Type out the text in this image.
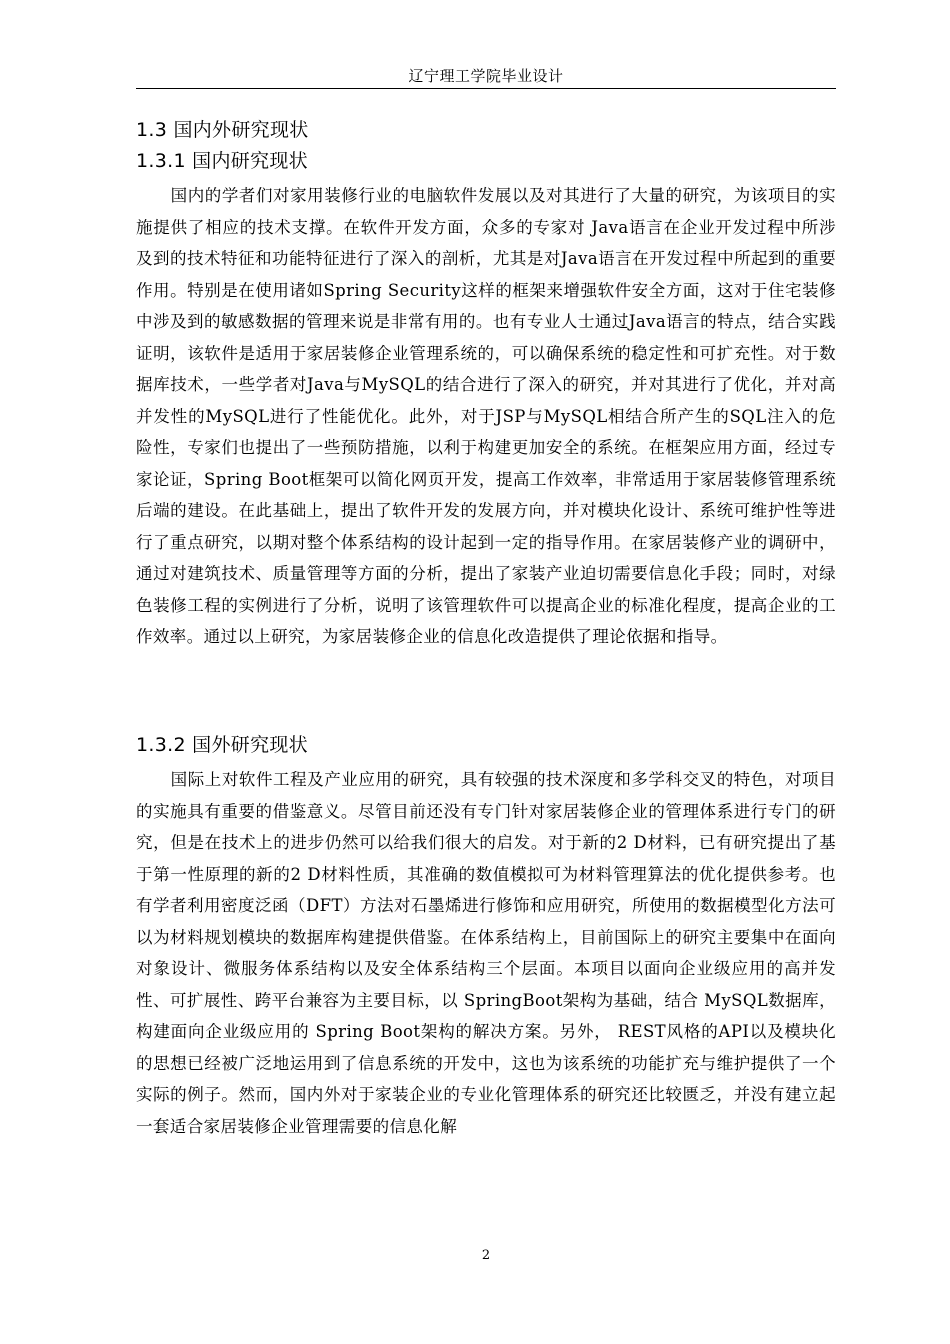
辽宁理工学院毕业设计
1.3 国内外研究现状
1.3.1 国内研究现状

国内的学者们对家用装修行业的电脑软件发展以及对其进行了大量的研究，为该项目的实施提供了相应的技术支撑。在软件开发方面，众多的专家对 Java语言在企业开发过程中所涉及到的技术特征和功能特征进行了深入的剖析，尤其是对Java语言在开发过程中所起到的重要作用。特别是在使用诸如Spring Security这样的框架来增强软件安全方面，这对于住宅装修中涉及到的敏感数据的管理来说是非常有用的。也有专业人士通过Java语言的特点，结合实践证明，该软件是适用于家居装修企业管理系统的，可以确保系统的稳定性和可扩充性。对于数据库技术，一些学者对Java与MySQL的结合进行了深入的研究，并对其进行了优化，并对高并发性的MySQL进行了性能优化。此外，对于JSP与MySQL相结合所产生的SQL注入的危险性，专家们也提出了一些预防措施，以利于构建更加安全的系统。在框架应用方面，经过专家论证，Spring Boot框架可以简化网页开发，提高工作效率，非常适用于家居装修管理系统后端的建设。在此基础上，提出了软件开发的发展方向，并对模块化设计、系统可维护性等进行了重点研究，以期对整个体系结构的设计起到一定的指导作用。在家居装修产业的调研中，通过对建筑技术、质量管理等方面的分析，提出了家装产业迫切需要信息化手段；同时，对绿色装修工程的实例进行了分析，说明了该管理软件可以提高企业的标准化程度，提高企业的工作效率。通过以上研究，为家居装修企业的信息化改造提供了理论依据和指导。

1.3.2 国外研究现状

国际上对软件工程及产业应用的研究，具有较强的技术深度和多学科交叉的特色，对项目的实施具有重要的借鉴意义。尽管目前还没有专门针对家居装修企业的管理体系进行专门的研究，但是在技术上的进步仍然可以给我们很大的启发。对于新的2 D材料，已有研究提出了基于第一性原理的新的2 D材料性质，其准确的数值模拟可为材料管理算法的优化提供参考。也有学者利用密度泛函（DFT）方法对石墨烯进行修饰和应用研究，所使用的数据模型化方法可以为材料规划模块的数据库构建提供借鉴。在体系结构上，目前国际上的研究主要集中在面向对象设计、微服务体系结构以及安全体系结构三个层面。本项目以面向企业级应用的高并发性、可扩展性、跨平台兼容为主要目标，以 SpringBoot架构为基础，结合 MySQL数据库，构建面向企业级应用的 Spring Boot架构的解决方案。另外， REST风格的API以及模块化的思想已经被广泛地运用到了信息系统的开发中，这也为该系统的功能扩充与维护提供了一个实际的例子。然而，国内外对于家装企业的专业化管理体系的研究还比较匮乏，并没有建立起一套适合家居装修企业管理需要的信息化解

2
